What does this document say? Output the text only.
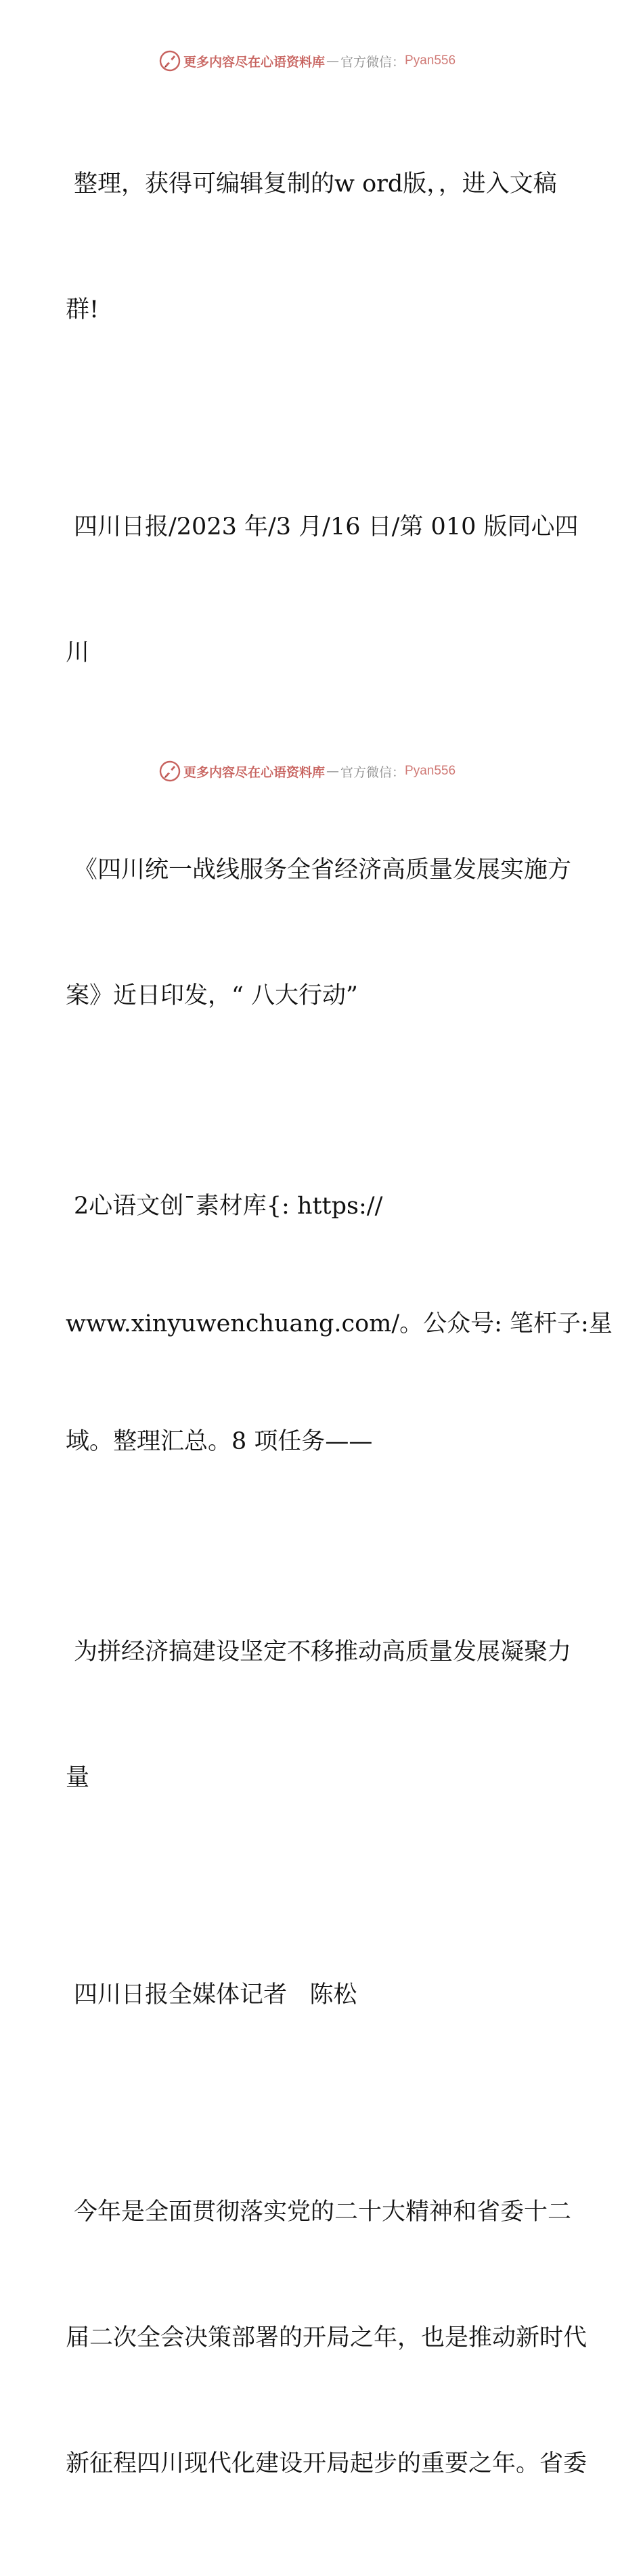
更多内容尽在心语资料库 — 官方微信： Pyan556

整理，获得可编辑复制的w ord版，，进入文稿

群!

四川日报/2023 年/3 月/16 日/第 010 版同心四

川

《四川统一战线服务全省经济高质量发展实施方

案》近日印发，“ 八大行动”

2心语文创¯素材库{: https://

www.xinyuwenchuang.com/。公众号: 笔杆子:星

域。整理汇总。8 项任务——

为拼经济搞建设坚定不移推动高质量发展凝聚力

量

四川日报全媒体记者   陈松

今年是全面贯彻落实党的二十大精神和省委十二

届二次全会决策部署的开局之年，也是推动新时代

新征程四川现代化建设开局起步的重要之年。省委

更多内容尽在心语资料库 — 官方微信： Pyan556
